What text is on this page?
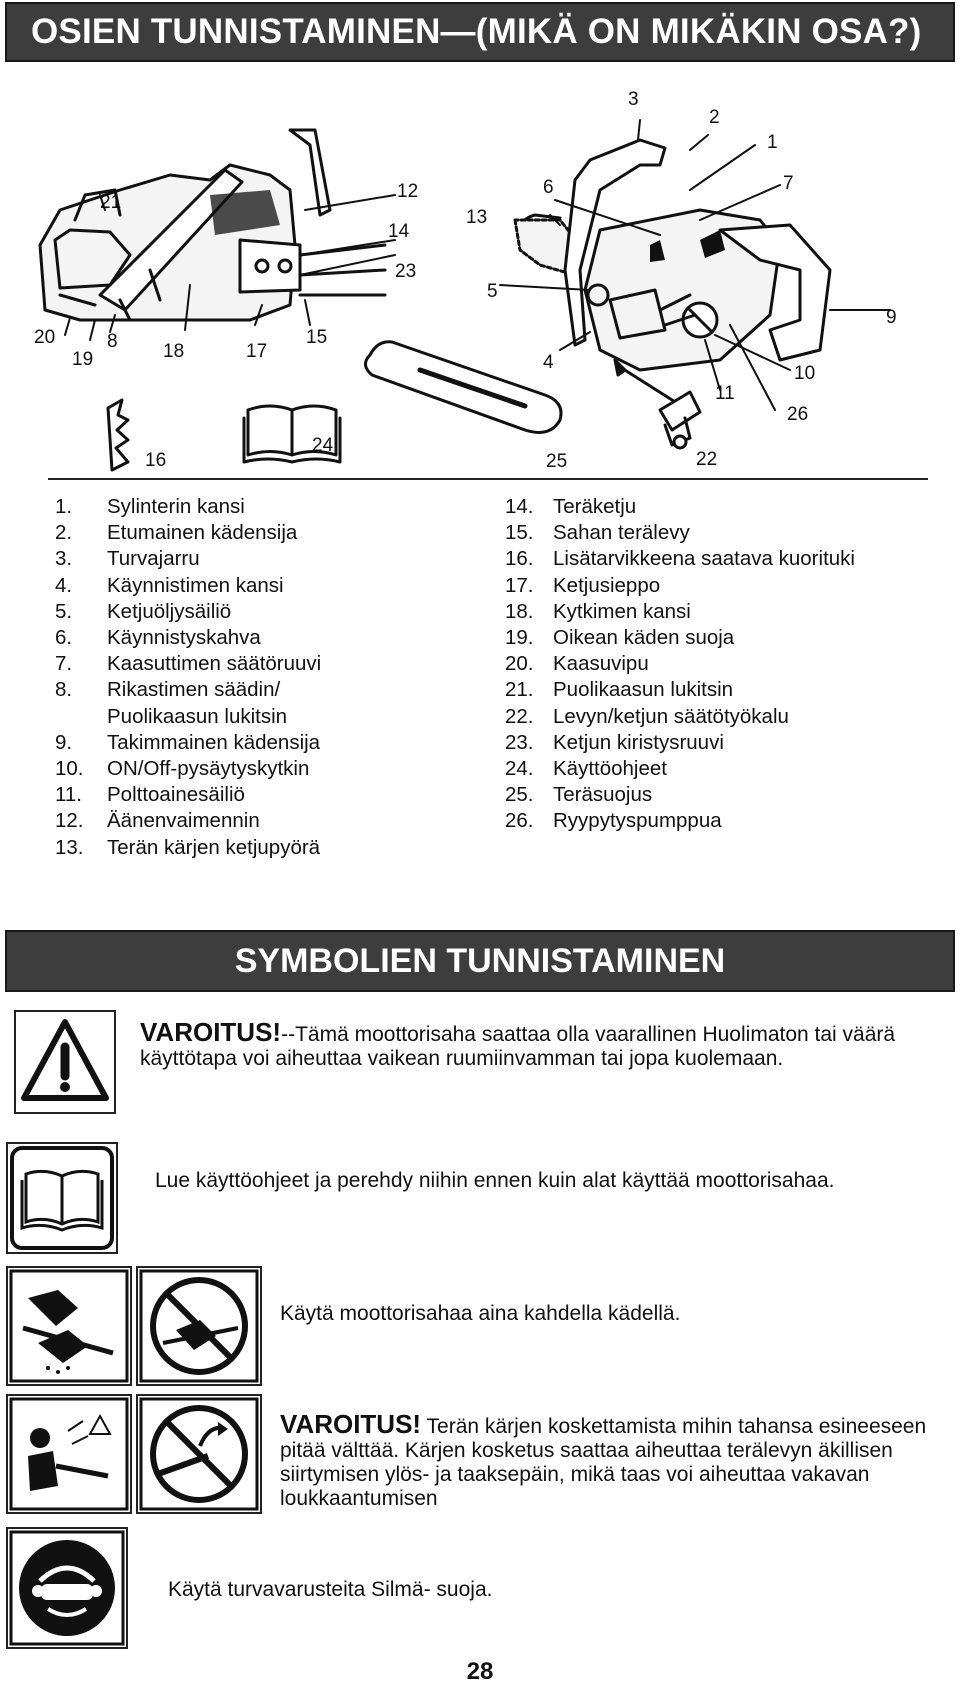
OSIEN TUNNISTAMINEN—(MIKÄ ON MIKÄKIN OSA?)
21
12
13
14
23
20
19
8 18	17
15
3
2
1
6	7
5
9
4
10
11
26
16
24
25	22
1.	Sylinterin kansi
2.	Etumainen kädensija
3.	Turvajarru
4.	Käynnistimen kansi
5.	Ketjuöljysäiliö
6.	Käynnistyskahva
7.	Kaasuttimen säätöruuvi
8.	Rikastimen säädin/
Puolikaasun lukitsin
9.	Takimmainen kädensija
10.	ON/Off-pysäytyskytkin
11.	Polttoainesäiliö
12.	Äänenvaimennin
13.	Terän kärjen ketjupyörä
14. Teräketju
15. Sahan terälevy
16. Lisätarvikkeena saatava kuorituki
17. Ketjusieppo
18. Kytkimen kansi
19. Oikean käden suoja
20. Kaasuvipu
21. Puolikaasun lukitsin
22. Levyn/ketjun säätötyökalu
23. Ketjun kiristysruuvi
24. Käyttöohjeet
25. Teräsuojus
26. Ryypytyspumppua
SYMBOLIEN TUNNISTAMINEN
VAROITUS!--Tämä moottorisaha saattaa olla vaarallinen Huolimaton tai väärä käyttötapa voi aiheuttaa vaikean ruumiinvamman tai jopa kuolemaan.
Lue käyttöohjeet ja perehdy niihin ennen kuin alat käyttää moottorisahaa.
Käytä moottorisahaa aina kahdella kädellä.
VAROITUS! Terän kärjen koskettamista mihin tahansa esineeseen pitää välttää. Kärjen kosketus saattaa aiheuttaa terälevyn äkillisen siirtymisen ylös- ja taaksepäin, mikä taas voi aiheuttaa vakavan loukkaantumisen
Käytä turvavarusteita Silmä- suoja.
28
